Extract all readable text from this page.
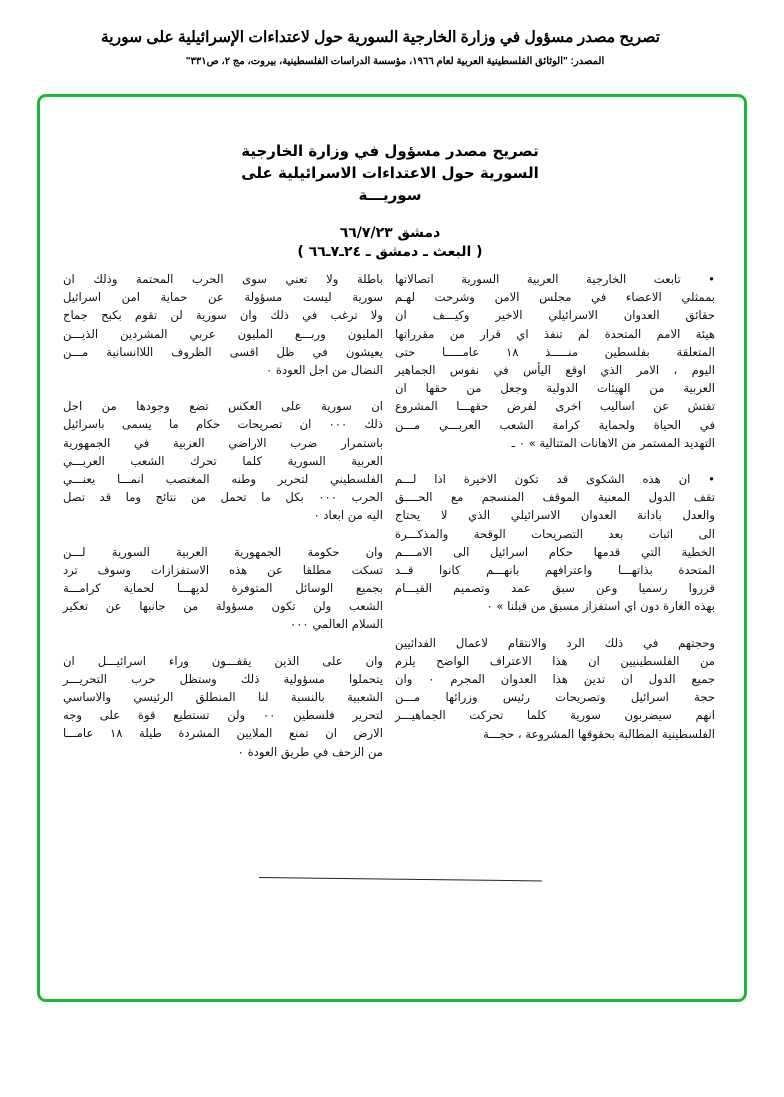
تصريح مصدر مسؤول في وزارة الخارجية السورية حول لاعتداءات الإسرائيلية على سورية
المصدر: "الوثائق الفلسطينية العربية لعام ١٩٦٦، مؤسسة الدراسات الفلسطينية، بيروت، مج ٢، ص٣٣١"
تصريح مصدر مسؤول في وزارة الخارجية
السورية حول الاعتداءات الاسرائيلية على
سوريـــة
دمشق ٦٦/٧/٢٣
( البعث ـ دمشق ـ ٢٤ـ٧ـ٦٦ )

• تابعت الخارجية العربية السورية اتصالاتها
بممثلي الاعضاء في مجلس الامن وشرحت لهـم
حقائق العدوان الاسرائيلي الاخير وكيـــف ان
هيئة الامم المتحدة لم تنفذ اي قرار من مقرراتها
المتعلقة بفلسطين منـــــذ ١٨ عامـــــا حتى
اليوم ، الامر الذي اوقع اليأس في نفوس الجماهير
العربية من الهيئات الدولية وجعل من حقها ان
تفتش عن اساليب اخرى لفرض حقهـــا المشروع
في الحياة ولحماية كرامة الشعب العربـــي مـــن
التهديد المستمر من الاهانات المتتالية » ٠ ـ

• ان هذه الشكوى قد تكون الاخيرة اذا لـــم
تقف الدول المعنية الموقف المنسجم مع الحــــق
والعدل بادانة العدوان الاسرائيلي الذي لا يحتاج
الى اثبات بعد التصريحات الوقحة والمذكـــرة
الخطية التي قدمها حكام اسرائيل الى الامــــم
المتحدة بذاتهـــا واعترافهم بانهـــم كانوا قــد
قرروا رسميا وعن سبق عمد وتصميم القيـــام
بهذه الغارة دون اي استفزاز مسبق من قبلنا » ٠

وحجتهم في ذلك الرد والانتقام لاعمال الفدائيين
من الفلسطينيين ان هذا الاعتراف الواضح يلزم
جميع الدول ان تدين هذا العدوان المجرم ٠ وان
حجة اسرائيل وتصريحات رئيس وزرائها مـــن
انهم سيضربون سورية كلما تحركت الجماهيـــر
الفلسطينية المطالبة بحقوقها المشروعة ، حجـــة

باطلة ولا تعني سوى الحرب المحتمة وذلك ان
سورية ليست مسؤولة عن حماية امن اسرائيل
ولا ترغب في ذلك وان سورية لن تقوم بكبح جماح
المليون وربـــع المليون عربي المشردين الذيـــن
يعيشون في ظل اقسى الظروف اللاانسانية مـــن
النضال من اجل العودة ٠

ان سورية على العكس تضع وجودها من اجل
ذلك ٠٠٠ ان تصريحات حكام ما يسمى باسرائيل
باستمرار ضرب الاراضي العربية في الجمهورية
العربية السورية كلما تحرك الشعب العربـــي
الفلسطيني لتحرير وطنه المغتصب انمـــا يعنـــي
الحرب ٠٠٠ بكل ما تحمل من نتائج وما قد تصل
اليه من ابعاد ٠

وان حكومة الجمهورية العربية السورية لـــن
تسكت مطلقا عن هذه الاستفزازات وسوف ترد
بجميع الوسائل المتوفرة لديهـــا لحماية كرامـــة
الشعب ولن تكون مسؤولة من جانبها عن تعكير
السلام العالمي ٠٠٠

وان على الذين يقفـــون وراء اسرائيـــل ان
يتحملوا مسؤولية ذلك وستظل حرب التحريـــر
الشعبية بالنسبة لنا المنطلق الرئيسي والاساسي
لتحرير فلسطين ٠٠ ولن تستطيع قوة على وجه
الارض ان تمنع الملايين المشردة طيلة ١٨ عامـــا
من الزحف في طريق العودة ٠
